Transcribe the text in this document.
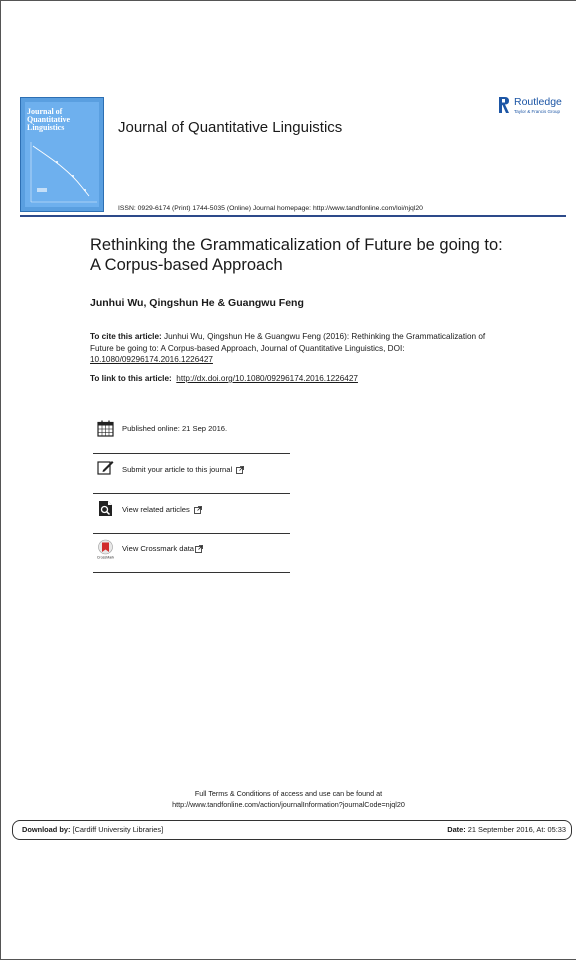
Journal of Quantitative Linguistics	Journal of Quantitative Linguistics
Routledge
Taylor & Francis Group
ISSN: 0929-6174 (Print) 1744-5035 (Online) Journal homepage: http://www.tandfonline.com/loi/njql20
Rethinking the Grammaticalization of Future be going to: A Corpus-based Approach
Junhui Wu, Qingshun He & Guangwu Feng
To cite this article: Junhui Wu, Qingshun He & Guangwu Feng (2016): Rethinking the Grammaticalization of Future be going to: A Corpus-based Approach, Journal of Quantitative Linguistics, DOI: 10.1080/09296174.2016.1226427
To link to this article: http://dx.doi.org/10.1080/09296174.2016.1226427
Published online: 21 Sep 2016.
Submit your article to this journal
View related articles
CrossMark
View Crossmark data
Full Terms & Conditions of access and use can be found at
http://www.tandfonline.com/action/journalInformation?journalCode=njql20
Download by: [Cardiff University Libraries]	Date: 21 September 2016, At: 05:33
